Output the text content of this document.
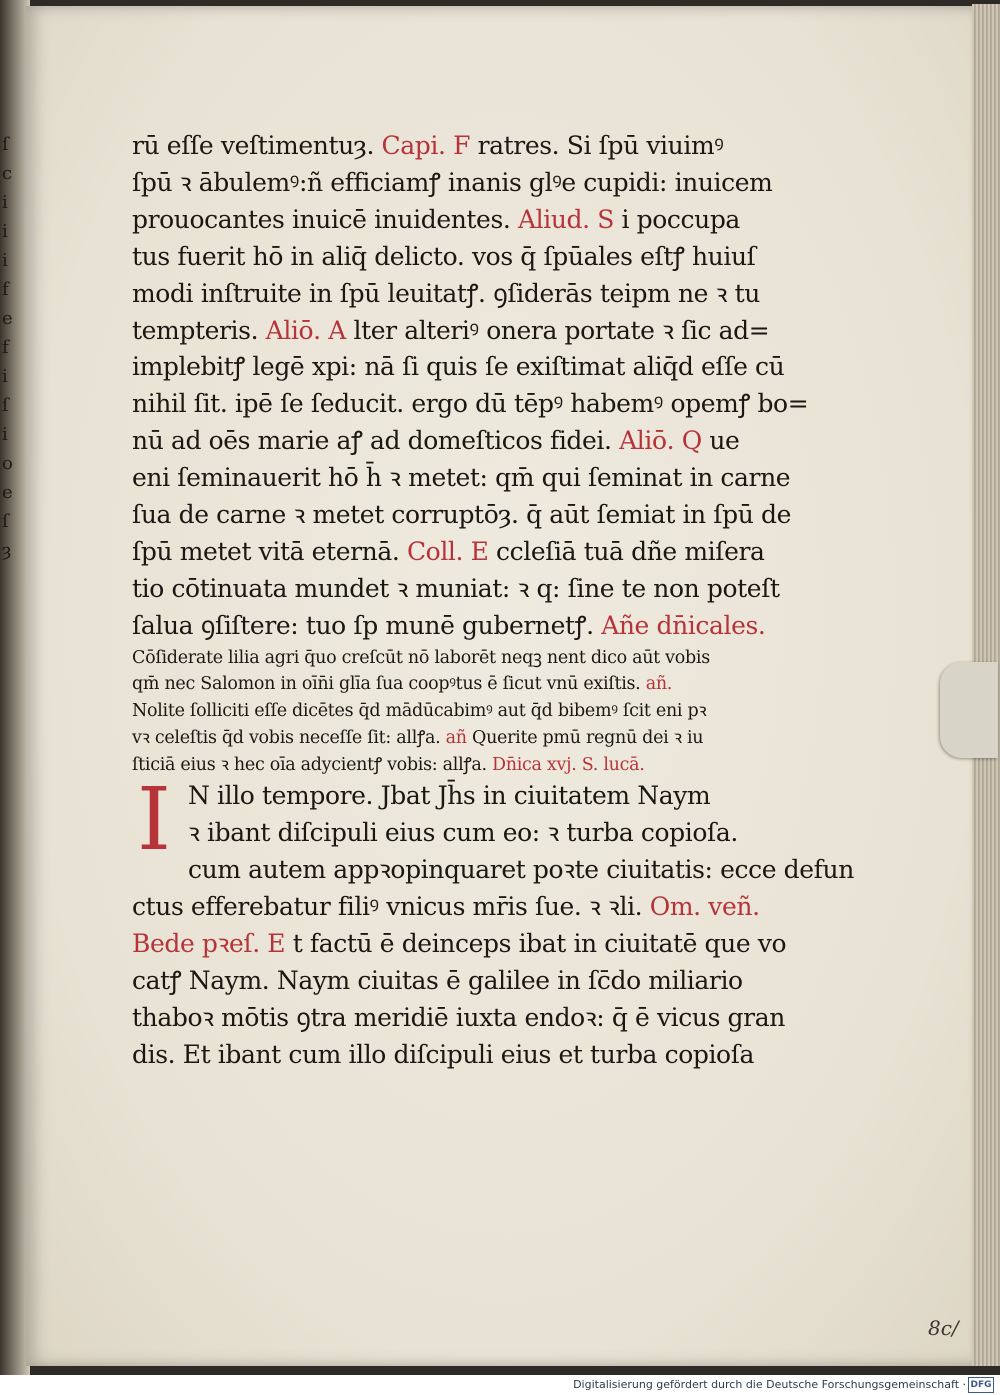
ſ
c
i
i
i
f
e
f
i
ſ
i
o
e
ſ
ȝ
rū eſſe veſtimentuȝ. Capi. F ratres. Si ſpū viuimꝰ
ſpū ꝛ ābulemꝰ:ñ efficiamꝭ inanis glꝰe cupidi: inuicem
prouocantes inuicē inuidentes. Aliud. S i poccupa
tus fuerit hō in aliq̄ delicto. vos q̄ ſpūales eſtꝭ huiuſ
modi inſtruite in ſpū leuitatꝭ. ꝯſiderās teipm ne ꝛ tu
tempteris. Aliō. A lter alteriꝰ onera portate ꝛ ſic ad=
implebitꝭ legē xpi: nā ſi quis ſe exiſtimat aliq̄d eſſe cū
nihil ſit. ipē ſe ſeducit. ergo dū tēpꝰ habemꝰ opemꝭ bo=
nū ad oēs marie aꝭ ad domeſticos fidei. Aliō. Q ue
eni ſeminauerit hō h̄ ꝛ metet: qm̄ qui ſeminat in carne
ſua de carne ꝛ metet corruptōȝ. q̄ aūt ſemiat in ſpū de
ſpū metet vitā eternā. Coll. E ccleſiā tuā dñe miſera
tio cōtinuata mundet ꝛ muniat: ꝛ q: ſine te non poteſt
ſalua ꝯſiſtere: tuo ſp munē gubernetꝭ. Añe dn̄icales.
Cōſiderate lilia agri q̄uo creſcūt nō laborēt neqꝫ nent dico aūt vobis
qm̄ nec Salomon in oīn̄i glīa ſua coopꝰtus ē ſicut vnū exiſtis. añ.
Nolite ſolliciti eſſe dicētes q̄d mādūcabimꝰ aut q̄d bibemꝰ ſcit eni pꝛ
vꝛ celeſtis q̄d vobis neceſſe ſit: allꝭa. añ Querite pmū regnū dei ꝛ iu
ſticiā eius ꝛ hec oīa adycientꝭ vobis: allꝭa. Dn̄ica xvj. S. lucā.
I N illo tempore. Jbat Jh̄s in ciuitatem Naym
ꝛ ibant diſcipuli eius cum eo: ꝛ turba copioſa.
cum autem appꝛopinquaret poꝛte ciuitatis: ecce defun
ctus efferebatur filiꝰ vnicus mr̄is ſue. ꝛ ꝛli. Om. veñ.
Bede pꝛeſ. E t factū ē deinceps ibat in ciuitatē que vo
catꝭ Naym. Naym ciuitas ē galilee in ſc̄do miliario
thaboꝛ mōtis ꝯtra meridiē iuxta endoꝛ: q̄ ē vicus gran
dis. Et ibant cum illo diſcipuli eius et turba copioſa
8c/
Digitalisierung gefördert durch die Deutsche Forschungsgemeinschaft · DFG
